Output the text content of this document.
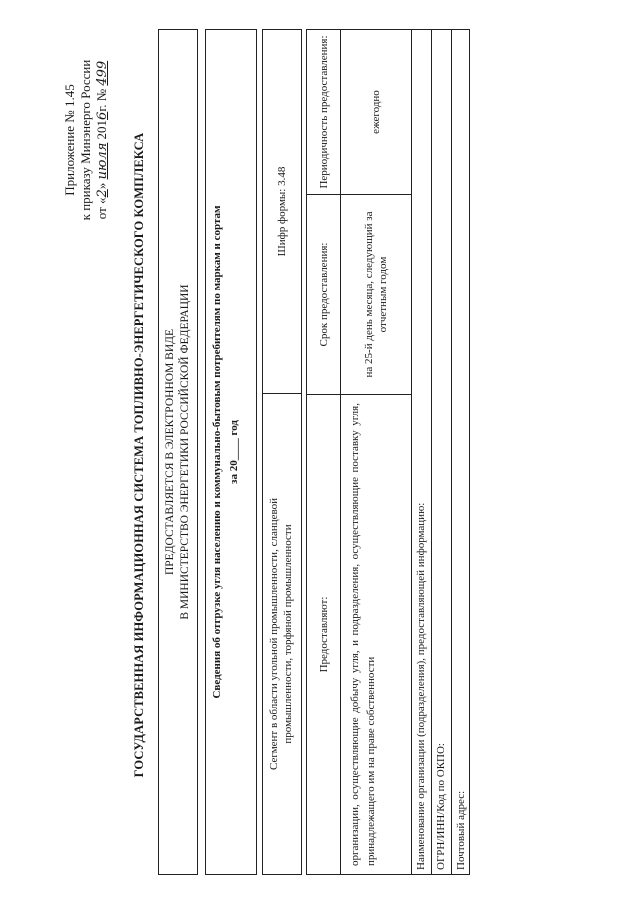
Приложение № 1.45 к приказу Минэнерго России от «2» июля 2016г. № 499
ГОСУДАРСТВЕННАЯ ИНФОРМАЦИОННАЯ СИСТЕМА ТОПЛИВНО-ЭНЕРГЕТИЧЕСКОГО КОМПЛЕКСА	ПРЕДОСТАВЛЯЕТСЯ В ЭЛЕКТРОННОМ ВИДЕ В МИНИСТЕРСТВО ЭНЕРГЕТИКИ РОССИЙСКОЙ ФЕДЕРАЦИИ	Сведения об отгрузке угля населению и коммунально-бытовым потребителям по маркам и сортам за 20____ год
Сегмент в области угольной промышленности, сланцевой промышленности, торфяной промышленности
Шифр формы: 3.48
Предоставляют:
Срок предоставления:
Периодичность предоставления:
организации, осуществляющие добычу угля, и подразделения, осуществляющие поставку угля, принадлежащего им на праве собственности
на 25-й день месяца, следующий за отчетным годом
ежегодно
Наименование организации (подразделения), предоставляющей информацию: ОГРН/ИНН/Код по ОКПО: Почтовый адрес:
